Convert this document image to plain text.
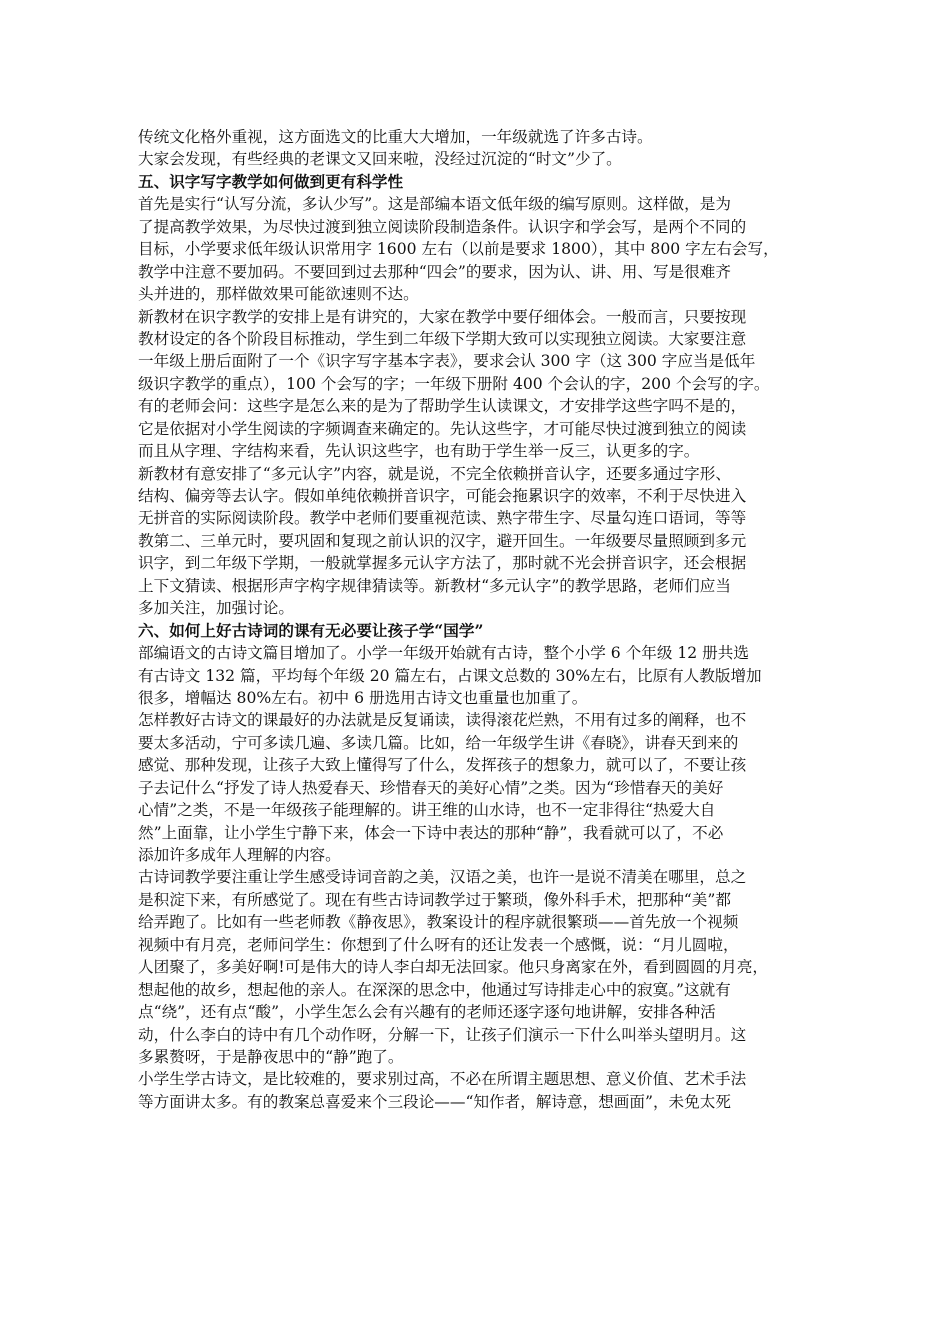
传统文化格外重视，这方面选文的比重大大增加，一年级就选了许多古诗。
大家会发现，有些经典的老课文又回来啦，没经过沉淀的“时文”少了。
五、识字写字教学如何做到更有科学性
首先是实行“认写分流，多认少写”。这是部编本语文低年级的编写原则。这样做，是为
了提高教学效果，为尽快过渡到独立阅读阶段制造条件。认识字和学会写，是两个不同的
目标，小学要求低年级认识常用字 1600 左右（以前是要求 1800），其中 800 字左右会写，
教学中注意不要加码。不要回到过去那种“四会”的要求，因为认、讲、用、写是很难齐
头并进的，那样做效果可能欲速则不达。
新教材在识字教学的安排上是有讲究的，大家在教学中要仔细体会。一般而言，只要按现
教材设定的各个阶段目标推动，学生到二年级下学期大致可以实现独立阅读。大家要注意
一年级上册后面附了一个《识字写字基本字表》，要求会认 300 字（这 300 字应当是低年
级识字教学的重点），100 个会写的字；一年级下册附 400 个会认的字，200 个会写的字。
有的老师会问：这些字是怎么来的是为了帮助学生认读课文，才安排学这些字吗不是的，
它是依据对小学生阅读的字频调查来确定的。先认这些字，才可能尽快过渡到独立的阅读
而且从字理、字结构来看，先认识这些字，也有助于学生举一反三，认更多的字。
新教材有意安排了“多元认字”内容，就是说，不完全依赖拼音认字，还要多通过字形、
结构、偏旁等去认字。假如单纯依赖拼音识字，可能会拖累识字的效率，不利于尽快进入
无拼音的实际阅读阶段。教学中老师们要重视范读、熟字带生字、尽量勾连口语词，等等
教第二、三单元时，要巩固和复现之前认识的汉字，避开回生。一年级要尽量照顾到多元
识字，到二年级下学期，一般就掌握多元认字方法了，那时就不光会拼音识字，还会根据
上下文猜读、根据形声字构字规律猜读等。新教材“多元认字”的教学思路，老师们应当
多加关注，加强讨论。
六、如何上好古诗词的课有无必要让孩子学“国学”
部编语文的古诗文篇目增加了。小学一年级开始就有古诗，整个小学 6 个年级 12 册共选
有古诗文 132 篇，平均每个年级 20 篇左右，占课文总数的 30%左右，比原有人教版增加
很多，增幅达 80%左右。初中 6 册选用古诗文也重量也加重了。
怎样教好古诗文的课最好的办法就是反复诵读，读得滚花烂熟，不用有过多的阐释，也不
要太多活动，宁可多读几遍、多读几篇。比如，给一年级学生讲《春晓》，讲春天到来的
感觉、那种发现，让孩子大致上懂得写了什么，发挥孩子的想象力，就可以了，不要让孩
子去记什么“抒发了诗人热爱春天、珍惜春天的美好心情”之类。因为“珍惜春天的美好
心情”之类，不是一年级孩子能理解的。讲王维的山水诗，也不一定非得往“热爱大自
然”上面靠，让小学生宁静下来，体会一下诗中表达的那种“静”，我看就可以了，不必
添加许多成年人理解的内容。
古诗词教学要注重让学生感受诗词音韵之美，汉语之美，也许一是说不清美在哪里，总之
是积淀下来，有所感觉了。现在有些古诗词教学过于繁琐，像外科手术，把那种“美”都
给弄跑了。比如有一些老师教《静夜思》，教案设计的程序就很繁琐——首先放一个视频
视频中有月亮，老师问学生：你想到了什么呀有的还让发表一个感慨，说：“月儿圆啦，
人团聚了，多美好啊!可是伟大的诗人李白却无法回家。他只身离家在外，看到圆圆的月亮，
想起他的故乡，想起他的亲人。在深深的思念中，他通过写诗排走心中的寂寞。”这就有
点“绕”，还有点“酸”，小学生怎么会有兴趣有的老师还逐字逐句地讲解，安排各种活
动，什么李白的诗中有几个动作呀，分解一下，让孩子们演示一下什么叫举头望明月。这
多累赘呀，于是静夜思中的“静”跑了。
小学生学古诗文，是比较难的，要求别过高，不必在所谓主题思想、意义价值、艺术手法
等方面讲太多。有的教案总喜爱来个三段论——“知作者，解诗意，想画面”，未免太死
